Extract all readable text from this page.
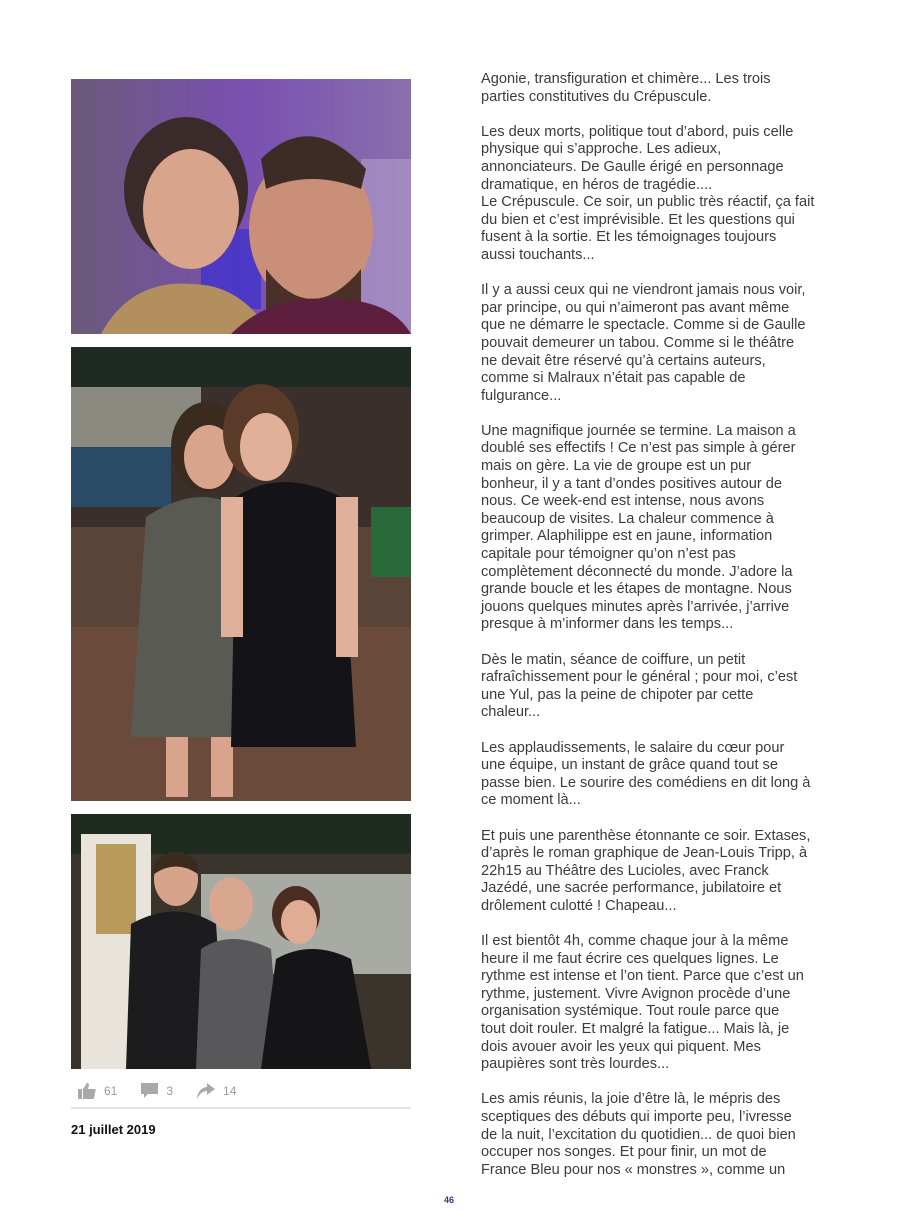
61	3	14
21 juillet 2019

Agonie, transfiguration et chimère... Les trois
parties constitutives du Crépuscule.

Les deux morts, politique tout d’abord, puis celle
physique qui s’approche. Les adieux,
annonciateurs. De Gaulle érigé en personnage
dramatique, en héros de tragédie....
Le Crépuscule. Ce soir, un public très réactif, ça fait
du bien et c’est imprévisible. Et les questions qui
fusent à la sortie. Et les témoignages toujours
aussi touchants...

Il y a aussi ceux qui ne viendront jamais nous voir,
par principe, ou qui n’aimeront pas avant même
que ne démarre le spectacle. Comme si de Gaulle
pouvait demeurer un tabou. Comme si le théâtre
ne devait être réservé qu’à certains auteurs,
comme si Malraux n’était pas capable de
fulgurance...

Une magnifique journée se termine. La maison a
doublé ses effectifs ! Ce n’est pas simple à gérer
mais on gère. La vie de groupe est un pur
bonheur, il y a tant d’ondes positives autour de
nous. Ce week-end est intense, nous avons
beaucoup de visites. La chaleur commence à
grimper. Alaphilippe est en jaune, information
capitale pour témoigner qu’on n’est pas
complètement déconnecté du monde. J’adore la
grande boucle et les étapes de montagne. Nous
jouons quelques minutes après l’arrivée, j’arrive
presque à m’informer dans les temps...

Dès le matin, séance de coiffure, un petit
rafraîchissement pour le général ; pour moi, c’est
une Yul, pas la peine de chipoter par cette
chaleur...

Les applaudissements, le salaire du cœur pour
une équipe, un instant de grâce quand tout se
passe bien. Le sourire des comédiens en dit long à
ce moment là...

Et puis une parenthèse étonnante ce soir. Extases,
d’après le roman graphique de Jean-Louis Tripp, à
22h15 au Théâtre des Lucioles, avec Franck
Jazédé, une sacrée performance, jubilatoire et
drôlement culotté ! Chapeau...

Il est bientôt 4h, comme chaque jour à la même
heure il me faut écrire ces quelques lignes. Le
rythme est intense et l’on tient. Parce que c’est un
rythme, justement. Vivre Avignon procède d’une
organisation systémique. Tout roule parce que
tout doit rouler. Et malgré la fatigue... Mais là, je
dois avouer avoir les yeux qui piquent. Mes
paupières sont très lourdes...

Les amis réunis, la joie d’être là, le mépris des
sceptiques des débuts qui importe peu, l’ivresse
de la nuit, l’excitation du quotidien... de quoi bien
occuper nos songes. Et pour finir, un mot de
France Bleu pour nos « monstres », comme un

46
